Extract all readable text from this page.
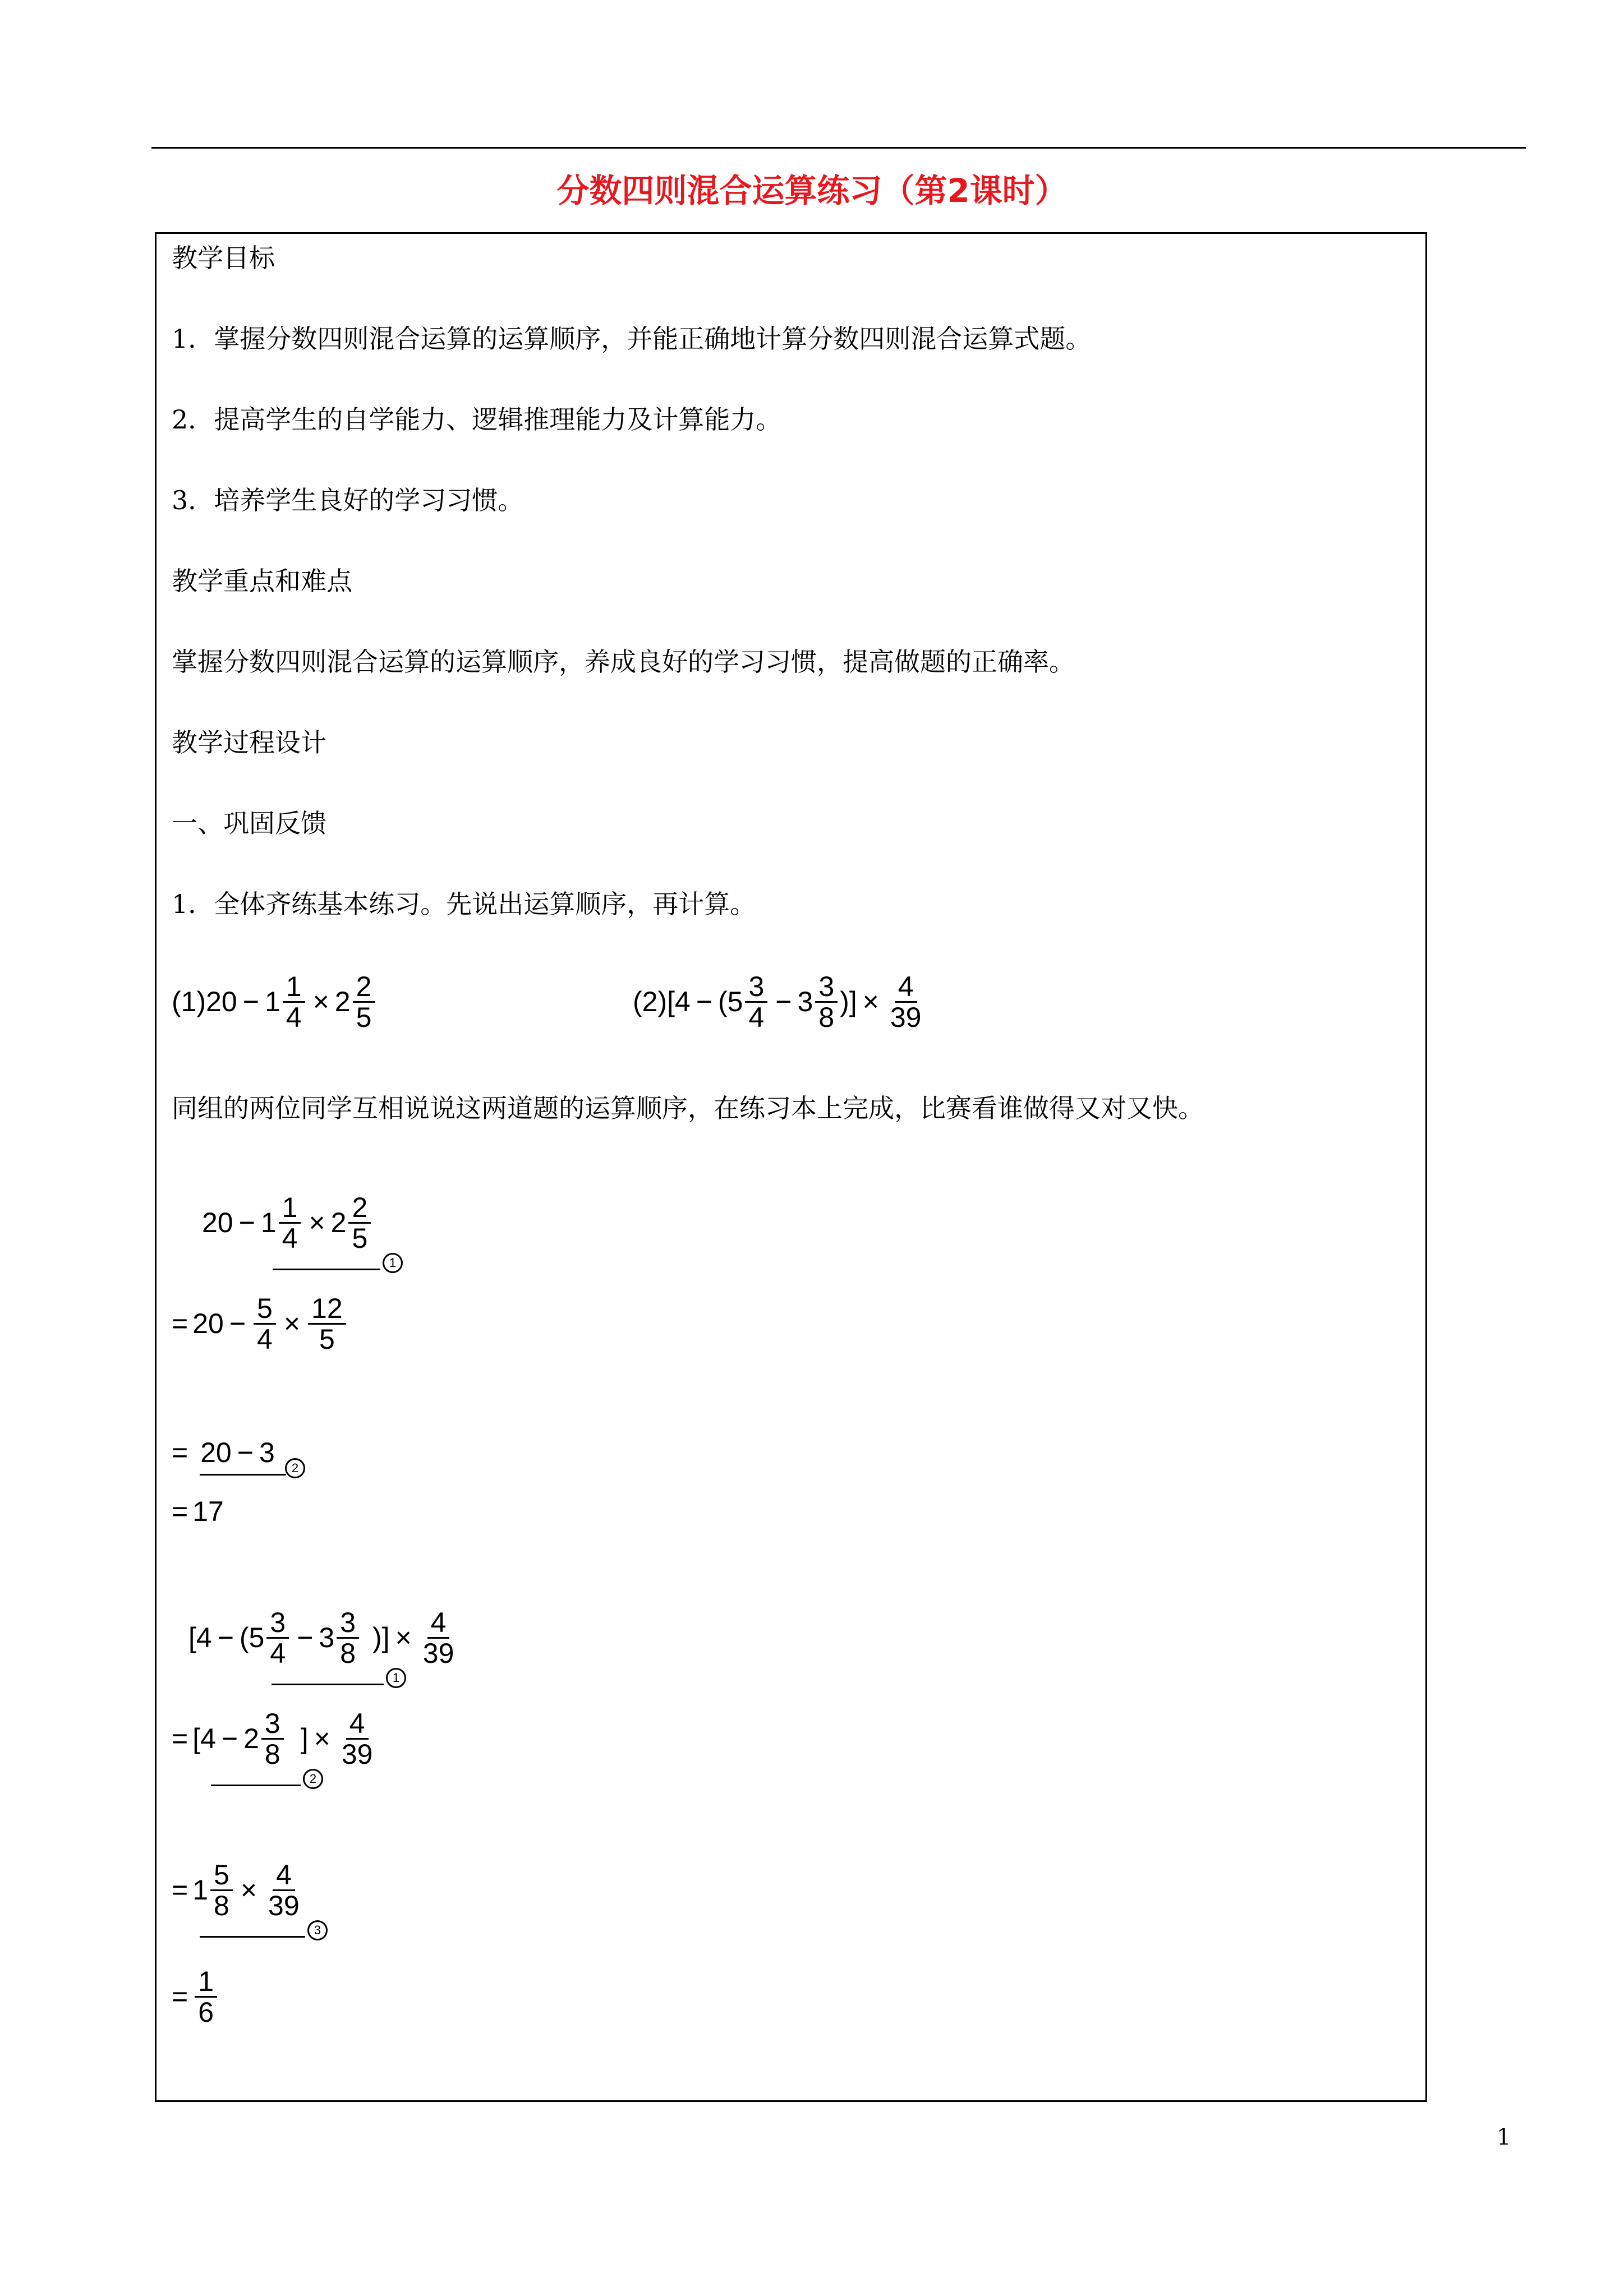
分数四则混合运算练习（第2课时）
教学目标
1．掌握分数四则混合运算的运算顺序，并能正确地计算分数四则混合运算式题。
2．提高学生的自学能力、逻辑推理能力及计算能力。
3．培养学生良好的学习习惯。
教学重点和难点
掌握分数四则混合运算的运算顺序，养成良好的学习习惯，提高做题的正确率。
教学过程设计
一、巩固反馈
1．全体齐练基本练习。先说出运算顺序，再计算。
$(1)20 - 1 \frac{1}{4} \times 2 \frac{2}{5}$	$(2)[4 - (5 \frac{3}{4} - 3 \frac{3}{8}$ )] × $\frac{4}{39}$
同组的两位同学互相说说这两道题的运算顺序，在练习本上完成，比赛看谁做得又对又快。
$20 - 1 \frac{1}{4} \times 2 \frac{2}{5}$
1
= $20 - \frac{5}{4} \times \frac{12}{5}$
= 20 − 3	2
= 17
[$4 - (5 \frac{3}{4} - 3 \frac{3}{8}$ )] × $\frac{4}{39}$
1
= [$4 - 2 \frac{3}{8}$ ] × $\frac{4}{39}$
2
= $1 \frac{5}{8} \times \frac{4}{39}$
3
= $\frac{1}{6}$
1
